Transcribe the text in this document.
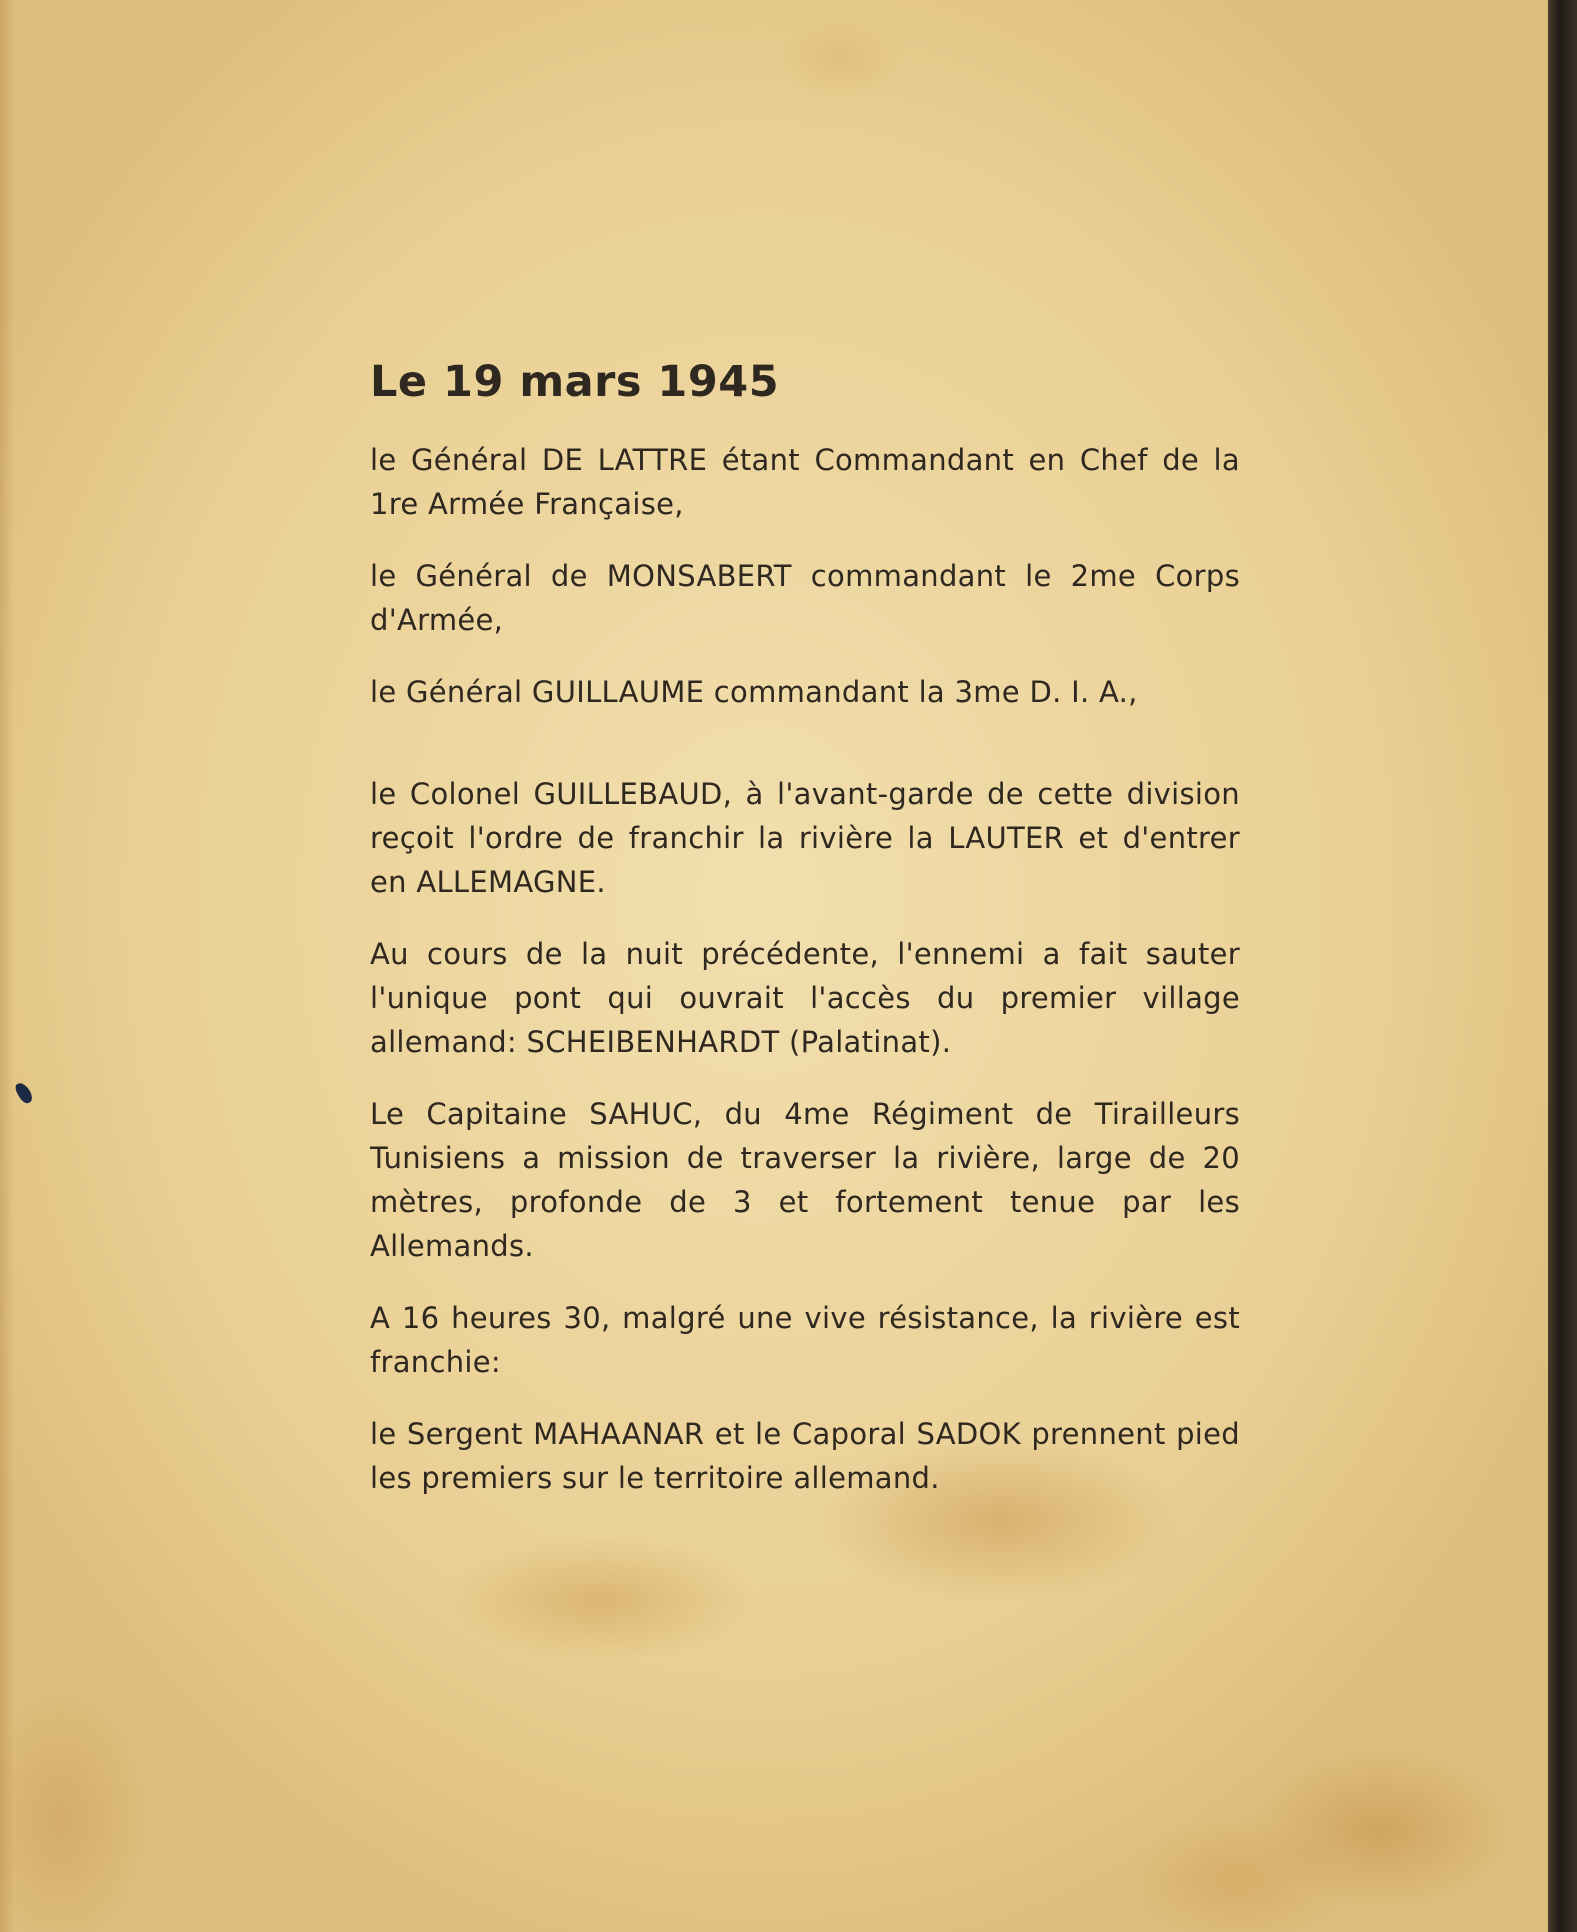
Le 19 mars 1945

le Général DE LATTRE étant Commandant en Chef de la 1re Armée Française,

le Général de MONSABERT commandant le 2me Corps d'Armée,

le Général GUILLAUME commandant la 3me D. I. A.,

le Colonel GUILLEBAUD, à l'avant-garde de cette division reçoit l'ordre de franchir la rivière la LAUTER et d'entrer en ALLEMAGNE.

Au cours de la nuit précédente, l'ennemi a fait sauter l'unique pont qui ouvrait l'accès du premier village allemand: SCHEIBENHARDT (Palatinat).

Le Capitaine SAHUC, du 4me Régiment de Tirailleurs Tunisiens a mission de traverser la rivière, large de 20 mètres, profonde de 3 et fortement tenue par les Allemands.

A 16 heures 30, malgré une vive résistance, la rivière est franchie:

le Sergent MAHAANAR et le Caporal SADOK prennent pied les premiers sur le territoire allemand.
